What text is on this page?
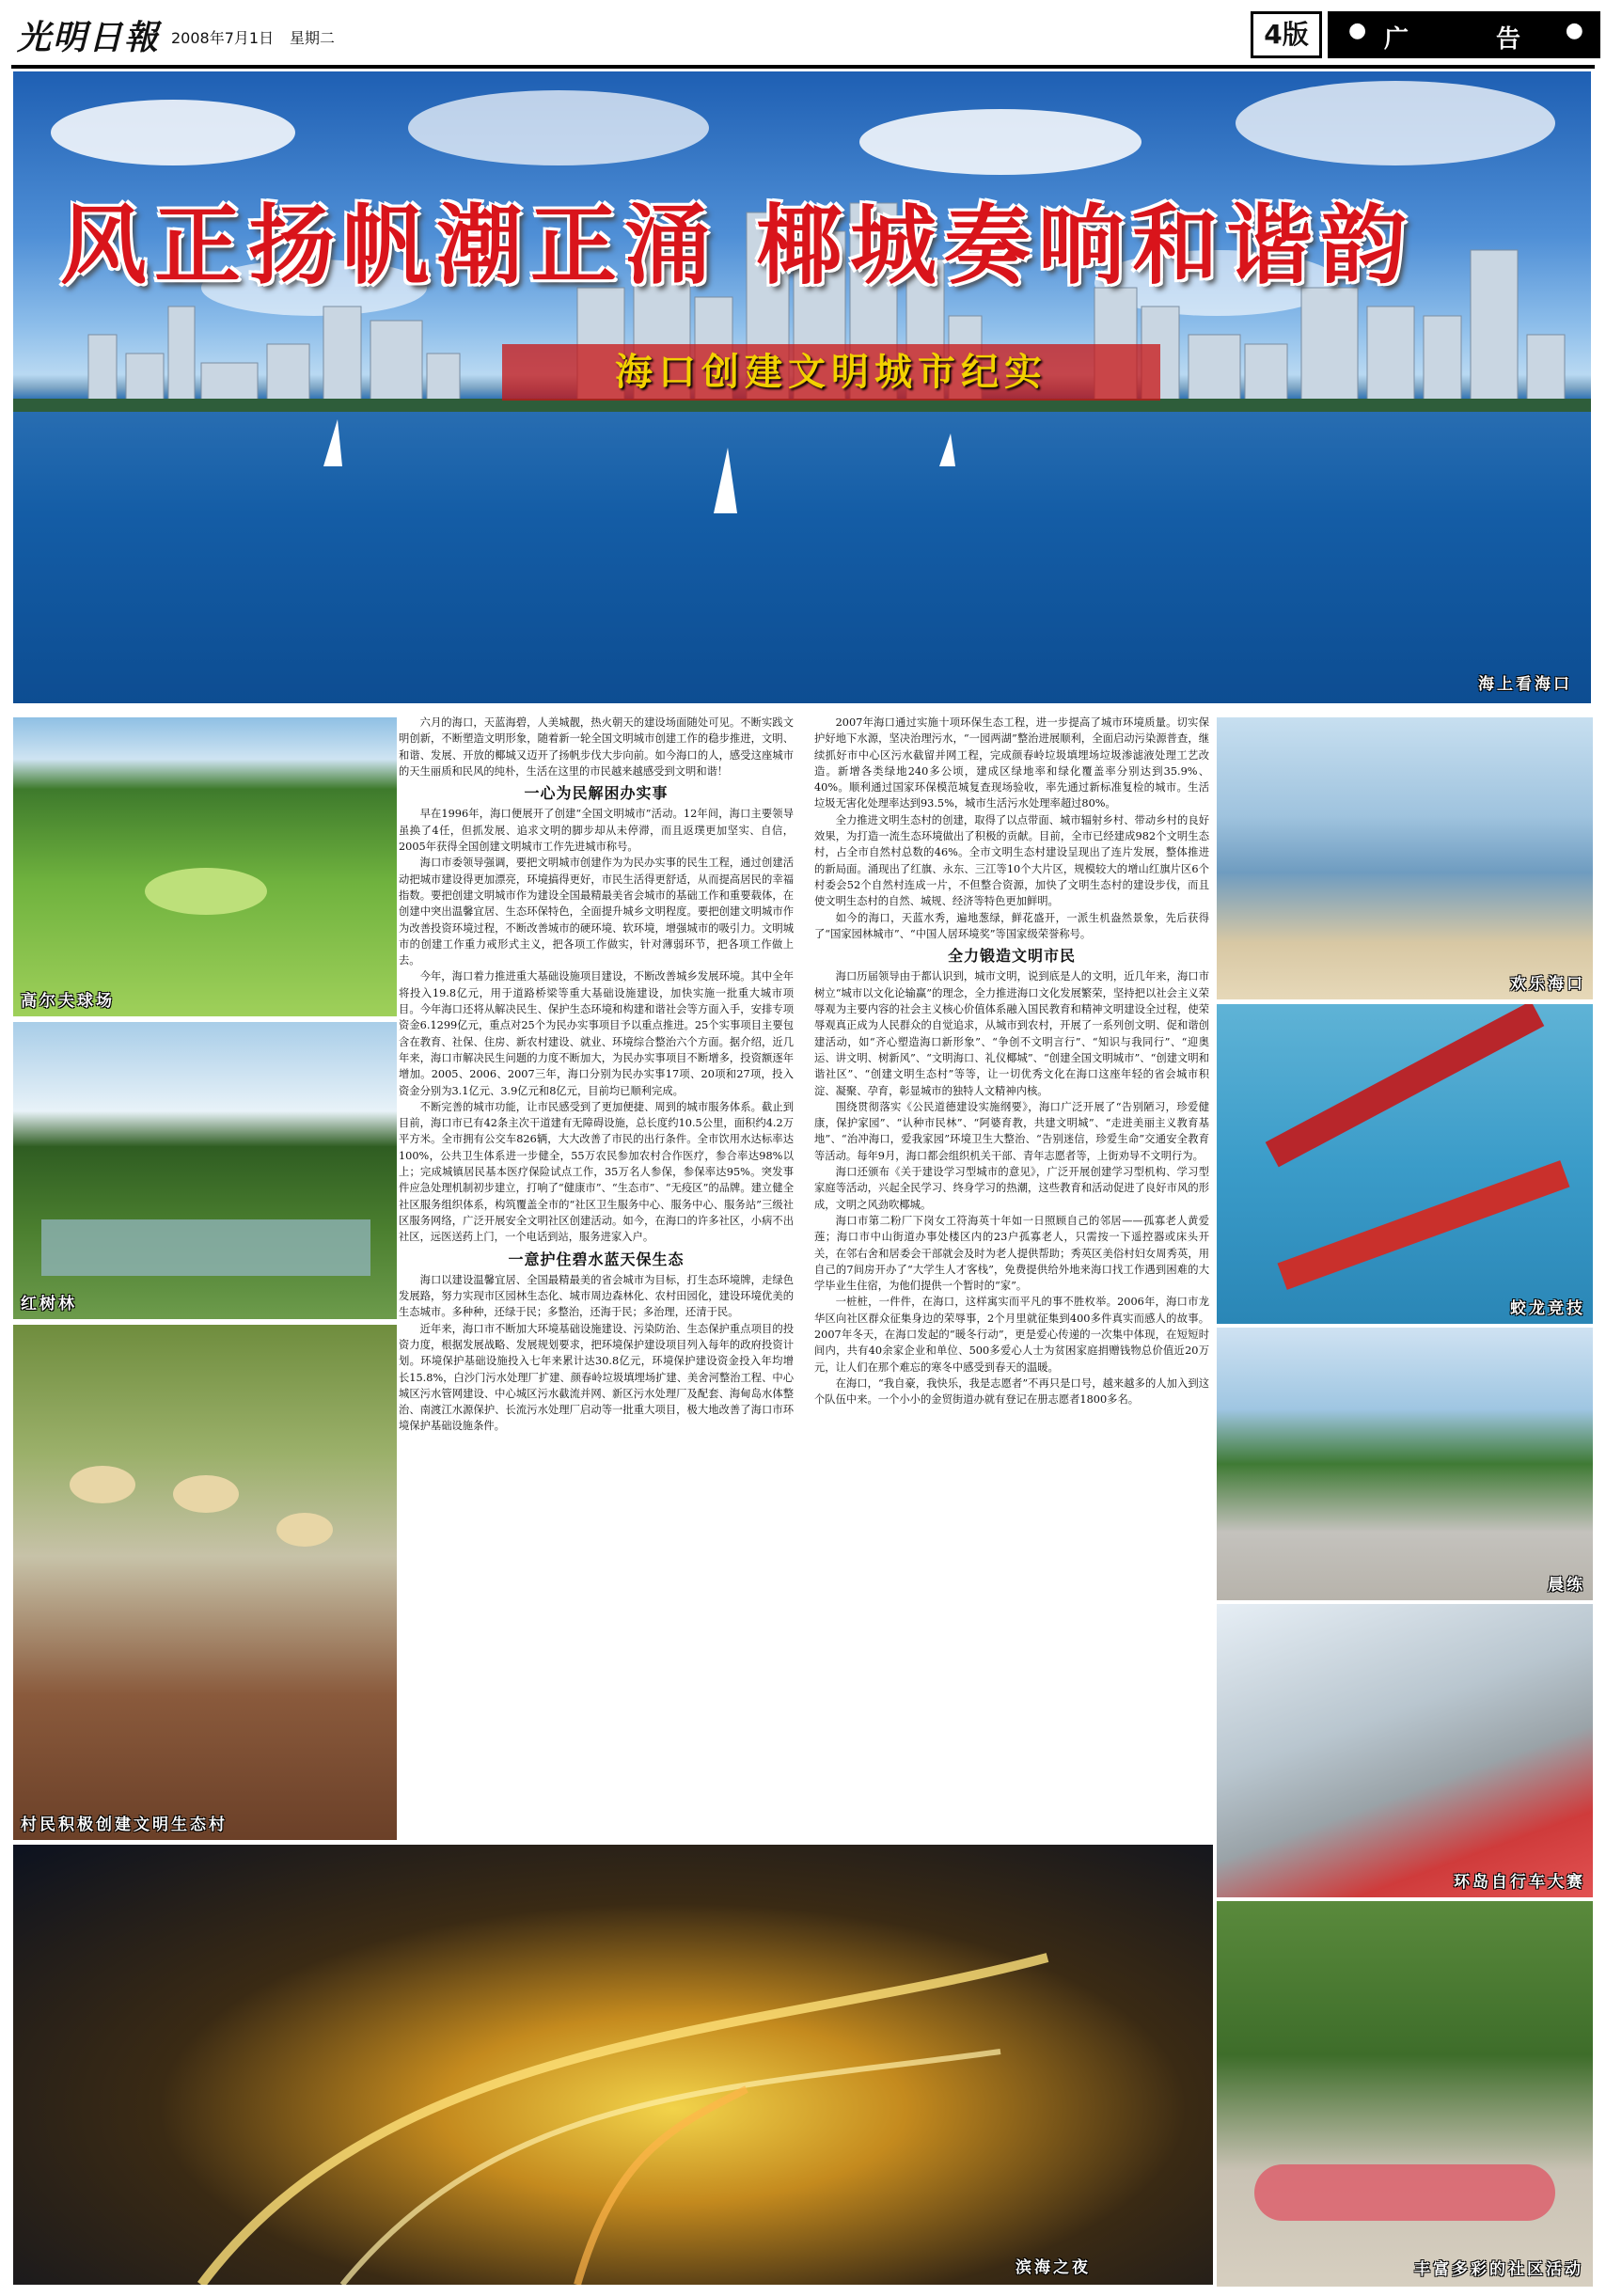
光明日報 2008年7月1日 星期二	4版	● 广 告 ●
风正扬帆潮正涌 椰城奏响和谐韵
海口创建文明城市纪实
海上看海口
高尔夫球场
红树林
村民积极创建文明生态村
滨海之夜
欢乐海口
蛟龙竞技
晨练
环岛自行车大赛
丰富多彩的社区活动

六月的海口，天蓝海碧，人美城靓，热火朝天的建设场面随处可见。不断实践文明创新，不断塑造文明形象，随着新一轮全国文明城市创建工作的稳步推进，文明、和谐、发展、开放的椰城又迈开了扬帆步伐大步向前。如今海口的人，感受这座城市的天生丽质和民风的纯朴，生活在这里的市民越来越感受到文明和谐！

一心为民解困办实事

早在1996年，海口便展开了创建“全国文明城市”活动。12年间，海口主要领导虽换了4任，但抓发展、追求文明的脚步却从未停滞，而且返璞更加坚实、自信，2005年获得全国创建文明城市工作先进城市称号。

海口市委领导强调，要把文明城市创建作为为民办实事的民生工程，通过创建活动把城市建设得更加漂亮，环境搞得更好，市民生活得更舒适，从而提高居民的幸福指数。要把创建文明城市作为建设全国最精最美省会城市的基础工作和重要载体，在创建中突出温馨宜居、生态环保特色，全面提升城乡文明程度。要把创建文明城市作为改善投资环境过程，不断改善城市的硬环境、软环境，增强城市的吸引力。文明城市的创建工作重力戒形式主义，把各项工作做实，针对薄弱环节，把各项工作做上去。

今年，海口着力推进重大基础设施项目建设，不断改善城乡发展环境。其中全年将投入19.8亿元，用于道路桥梁等重大基础设施建设，加快实施一批重大城市项目。今年海口还将从解决民生、保护生态环境和构建和谐社会等方面入手，安排专项资金6.1299亿元，重点对25个为民办实事项目予以重点推进。25个实事项目主要包含在教育、社保、住房、新农村建设、就业、环境综合整治六个方面。据介绍，近几年来，海口市解决民生问题的力度不断加大，为民办实事项目不断增多，投资额逐年增加。2005、2006、2007三年，海口分别为民办实事17项、20项和27项，投入资金分别为3.1亿元、3.9亿元和8亿元，目前均已顺利完成。

不断完善的城市功能，让市民感受到了更加便捷、周到的城市服务体系。截止到目前，海口市已有42条主次干道建有无障碍设施，总长度约10.5公里，面积约4.2万平方米。全市拥有公交车826辆，大大改善了市民的出行条件。全市饮用水达标率达100%，公共卫生体系进一步健全，55万农民参加农村合作医疗，参合率达98%以上；完成城镇居民基本医疗保险试点工作，35万名人参保，参保率达95%。突发事件应急处理机制初步建立，打响了“健康市”、“生态市”、“无疫区”的品牌。建立健全社区服务组织体系，构筑覆盖全市的“社区卫生服务中心、服务中心、服务站”三级社区服务网络，广泛开展安全文明社区创建活动。如今，在海口的许多社区，小病不出社区，远医送药上门，一个电话到站，服务进家入户。

一意护住碧水蓝天保生态

海口以建设温馨宜居、全国最精最美的省会城市为目标，打生态环境牌，走绿色发展路，努力实现市区园林生态化、城市周边森林化、农村田园化，建设环境优美的生态城市。多种种，还绿于民；多整治，还海于民；多治理，还清于民。

近年来，海口市不断加大环境基础设施建设、污染防治、生态保护重点项目的投资力度，根据发展战略、发展规划要求，把环境保护建设项目列入每年的政府投资计划。环境保护基础设施投入七年来累计达30.8亿元，环境保护建设资金投入年均增长15.8%，白沙门污水处理厂扩建、颜春岭垃圾填埋场扩建、美舍河整治工程、中心城区污水管网建设、中心城区污水截流并网、新区污水处理厂及配套、海甸岛水体整治、南渡江水源保护、长流污水处理厂启动等一批重大项目，极大地改善了海口市环境保护基础设施条件。

2007年海口通过实施十项环保生态工程，进一步提高了城市环境质量。切实保护好地下水源，坚决治理污水，“一园两湖”整治进展顺利，全面启动污染源普查，继续抓好市中心区污水截留并网工程，完成颜春岭垃圾填埋场垃圾渗滤液处理工艺改造。新增各类绿地240多公顷，建成区绿地率和绿化覆盖率分别达到35.9%、40%。顺利通过国家环保模范城复查现场验收，率先通过新标准复检的城市。生活垃圾无害化处理率达到93.5%，城市生活污水处理率超过80%。

全力推进文明生态村的创建，取得了以点带面、城市辐射乡村、带动乡村的良好效果，为打造一流生态环境做出了积极的贡献。目前，全市已经建成982个文明生态村，占全市自然村总数的46%。全市文明生态村建设呈现出了连片发展，整体推进的新局面。涌现出了红旗、永东、三江等10个大片区，规模较大的增山红旗片区6个村委会52个自然村连成一片，不但整合资源，加快了文明生态村的建设步伐，而且使文明生态村的自然、城规、经济等特色更加鲜明。

如今的海口，天蓝水秀，遍地葱绿，鲜花盛开，一派生机盎然景象，先后获得了“国家园林城市”、“中国人居环境奖”等国家级荣誉称号。

全力锻造文明市民

海口历届领导由于都认识到，城市文明，说到底是人的文明，近几年来，海口市树立“城市以文化论输赢”的理念，全力推进海口文化发展繁荣，坚持把以社会主义荣辱观为主要内容的社会主义核心价值体系融入国民教育和精神文明建设全过程，使荣辱观真正成为人民群众的自觉追求，从城市到农村，开展了一系列创文明、促和谐创建活动，如“齐心塑造海口新形象”、“争创不文明言行”、“知识与我同行”、“迎奥运、讲文明、树新风”、“文明海口、礼仪椰城”、“创建全国文明城市”、“创建文明和谐社区”、“创建文明生态村”等等，让一切优秀文化在海口这座年轻的省会城市积淀、凝聚、孕育，彰显城市的独特人文精神内核。

围绕贯彻落实《公民道德建设实施纲要》，海口广泛开展了“告别陋习，珍爱健康，保护家园”、“认种市民林”、“阿婆育教，共建文明城”、“走进美丽主义教育基地”、“治冲海口，爱我家园”环境卫生大整治、“告别迷信，珍爱生命”交通安全教育等活动。每年9月，海口都会组织机关干部、青年志愿者等，上街劝导不文明行为。

海口还颁布《关于建设学习型城市的意见》，广泛开展创建学习型机构、学习型家庭等活动，兴起全民学习、终身学习的热潮，这些教育和活动促进了良好市风的形成，文明之风劲吹椰城。

海口市第二粉厂下岗女工符海英十年如一日照顾自己的邻居——孤寡老人黄爱莲；海口市中山街道办事处楼区内的23户孤寡老人，只需按一下遥控器或床头开关，在邻右舍和居委会干部就会及时为老人提供帮助；秀英区美俗村妇女周秀英，用自己的7间房开办了“大学生人才客栈”，免费提供给外地来海口找工作遇到困难的大学毕业生住宿，为他们提供一个暂时的“家”。

一桩桩，一件件，在海口，这样寓实而平凡的事不胜枚举。2006年，海口市龙华区向社区群众征集身边的荣辱事，2个月里就征集到400多件真实而感人的故事。2007年冬天，在海口发起的“暖冬行动”，更是爱心传递的一次集中体现，在短短时间内，共有40余家企业和单位、500多爱心人士为贫困家庭捐赠钱物总价值近20万元，让人们在那个难忘的寒冬中感受到春天的温暖。

在海口，“我自豪，我快乐，我是志愿者”不再只是口号，越来越多的人加入到这个队伍中来。一个小小的金贸街道办就有登记在册志愿者1800多名。
